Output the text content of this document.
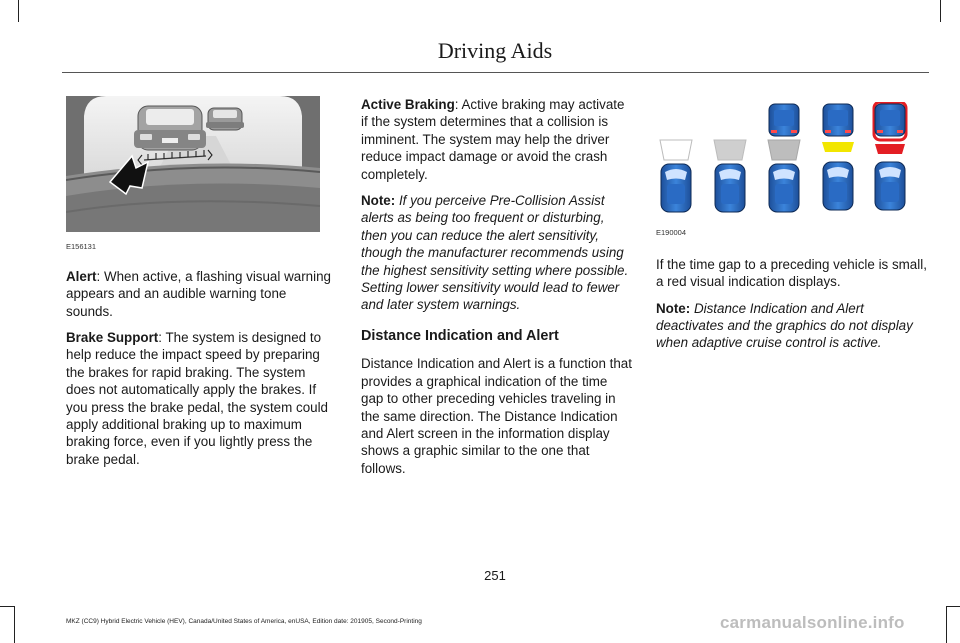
Driving Aids
E156131

Alert: When active, a flashing visual warning appears and an audible warning tone sounds.

Brake Support: The system is designed to help reduce the impact speed by preparing the brakes for rapid braking. The system does not automatically apply the brakes. If you press the brake pedal, the system could apply additional braking up to maximum braking force, even if you lightly press the brake pedal.

Active Braking: Active braking may activate if the system determines that a collision is imminent. The system may help the driver reduce impact damage or avoid the crash completely.

Note: If you perceive Pre-Collision Assist alerts as being too frequent or disturbing, then you can reduce the alert sensitivity, though the manufacturer recommends using the highest sensitivity setting where possible. Setting lower sensitivity would lead to fewer and later system warnings.

Distance Indication and Alert

Distance Indication and Alert is a function that provides a graphical indication of the time gap to other preceding vehicles traveling in the same direction. The Distance Indication and Alert screen in the information display shows a graphic similar to the one that follows.

E190004

If the time gap to a preceding vehicle is small, a red visual indication displays.

Note: Distance Indication and Alert deactivates and the graphics do not display when adaptive cruise control is active.

251
MKZ (CC9) Hybrid Electric Vehicle (HEV), Canada/United States of America, enUSA, Edition date: 201905, Second-Printing	carmanualsonline.info
